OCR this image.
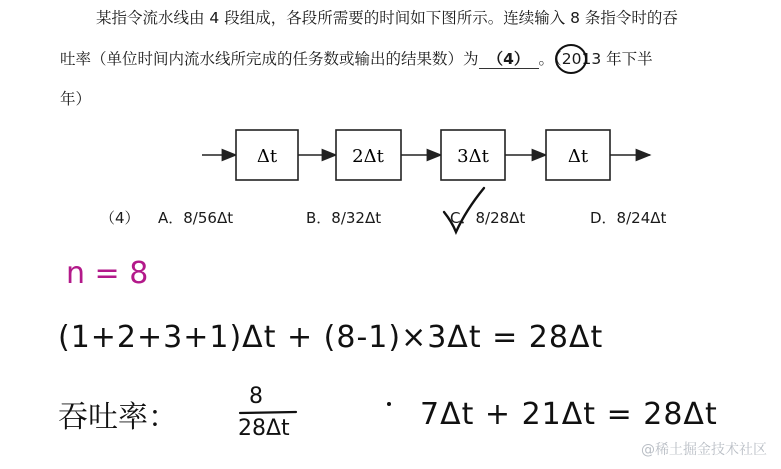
某指令流水线由 4 段组成，各段所需要的时间如下图所示。连续输入 8 条指令时的吞
吐率（单位时间内流水线所完成的任务数或输出的结果数）为 （4） 。（2013 年下半
年）
Δt	2Δt	3Δt	Δt
（4） A．8/56Δt	B．8/32Δt	C．8/28Δt	D．8/24Δt
n = 8
(1+2+3+1)Δt + (8-1)×3Δt = 28Δt
吞吐率：
8
28Δt	7Δt + 21Δt = 28Δt
@稀土掘金技术社区
